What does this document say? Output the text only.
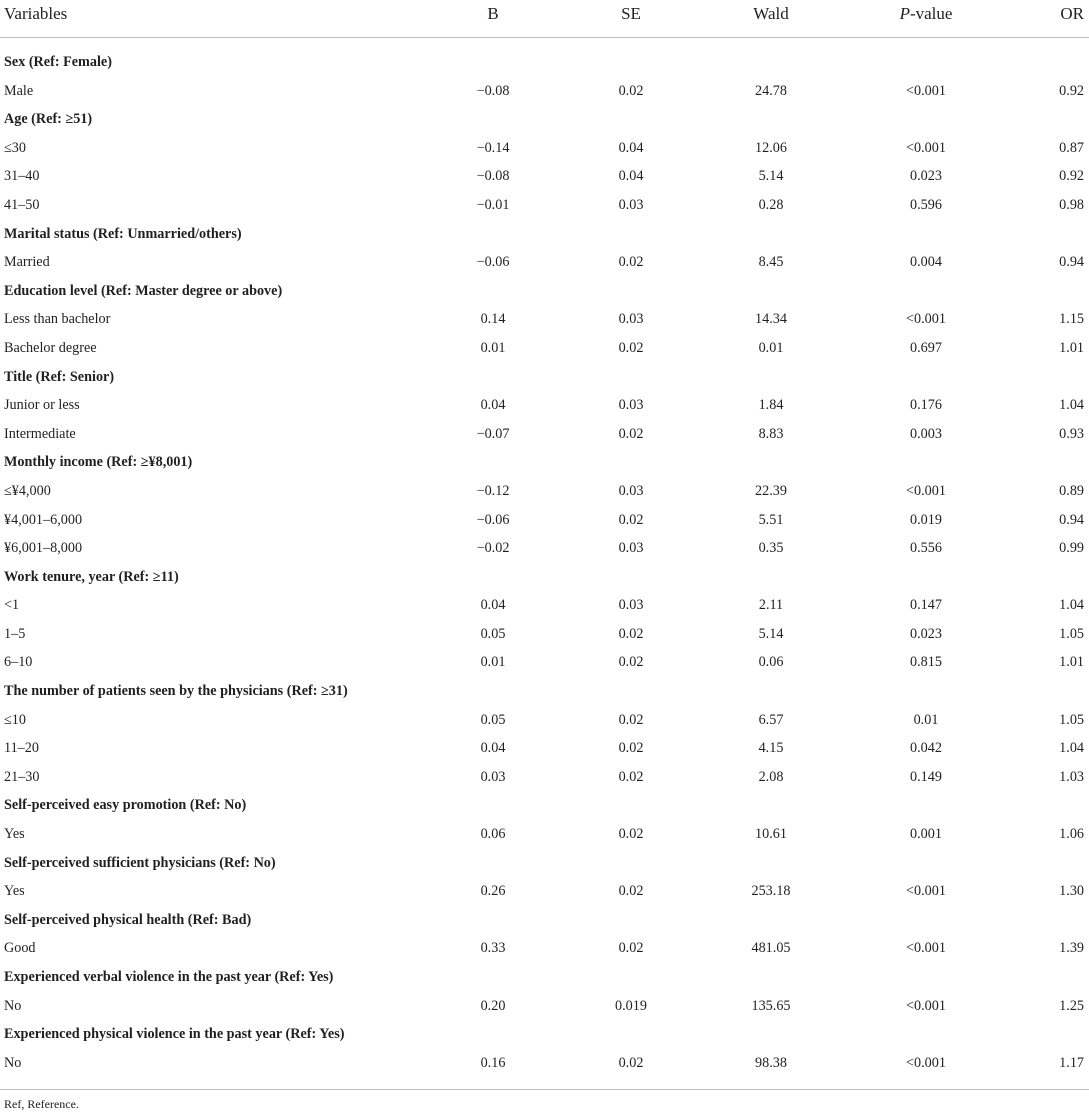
Variables	B	SE	Wald	P-value	OR
Sex (Ref: Female)
Male	−0.08	0.02	24.78	<0.001	0.92
Age (Ref: ≥51)
≤30	−0.14	0.04	12.06	<0.001	0.87
31–40	−0.08	0.04	5.14	0.023	0.92
41–50	−0.01	0.03	0.28	0.596	0.98
Marital status (Ref: Unmarried/others)
Married	−0.06	0.02	8.45	0.004	0.94
Education level (Ref: Master degree or above)
Less than bachelor	0.14	0.03	14.34	<0.001	1.15
Bachelor degree	0.01	0.02	0.01	0.697	1.01
Title (Ref: Senior)
Junior or less	0.04	0.03	1.84	0.176	1.04
Intermediate	−0.07	0.02	8.83	0.003	0.93
Monthly income (Ref: ≥¥8,001)
≤¥4,000	−0.12	0.03	22.39	<0.001	0.89
¥4,001–6,000	−0.06	0.02	5.51	0.019	0.94
¥6,001–8,000	−0.02	0.03	0.35	0.556	0.99
Work tenure, year (Ref: ≥11)
<1	0.04	0.03	2.11	0.147	1.04
1–5	0.05	0.02	5.14	0.023	1.05
6–10	0.01	0.02	0.06	0.815	1.01
The number of patients seen by the physicians (Ref: ≥31)
≤10	0.05	0.02	6.57	0.01	1.05
11–20	0.04	0.02	4.15	0.042	1.04
21–30	0.03	0.02	2.08	0.149	1.03
Self-perceived easy promotion (Ref: No)
Yes	0.06	0.02	10.61	0.001	1.06
Self-perceived sufficient physicians (Ref: No)
Yes	0.26	0.02	253.18	<0.001	1.30
Self-perceived physical health (Ref: Bad)
Good	0.33	0.02	481.05	<0.001	1.39
Experienced verbal violence in the past year (Ref: Yes)
No	0.20	0.019	135.65	<0.001	1.25
Experienced physical violence in the past year (Ref: Yes)
No	0.16	0.02	98.38	<0.001	1.17
Ref, Reference.
